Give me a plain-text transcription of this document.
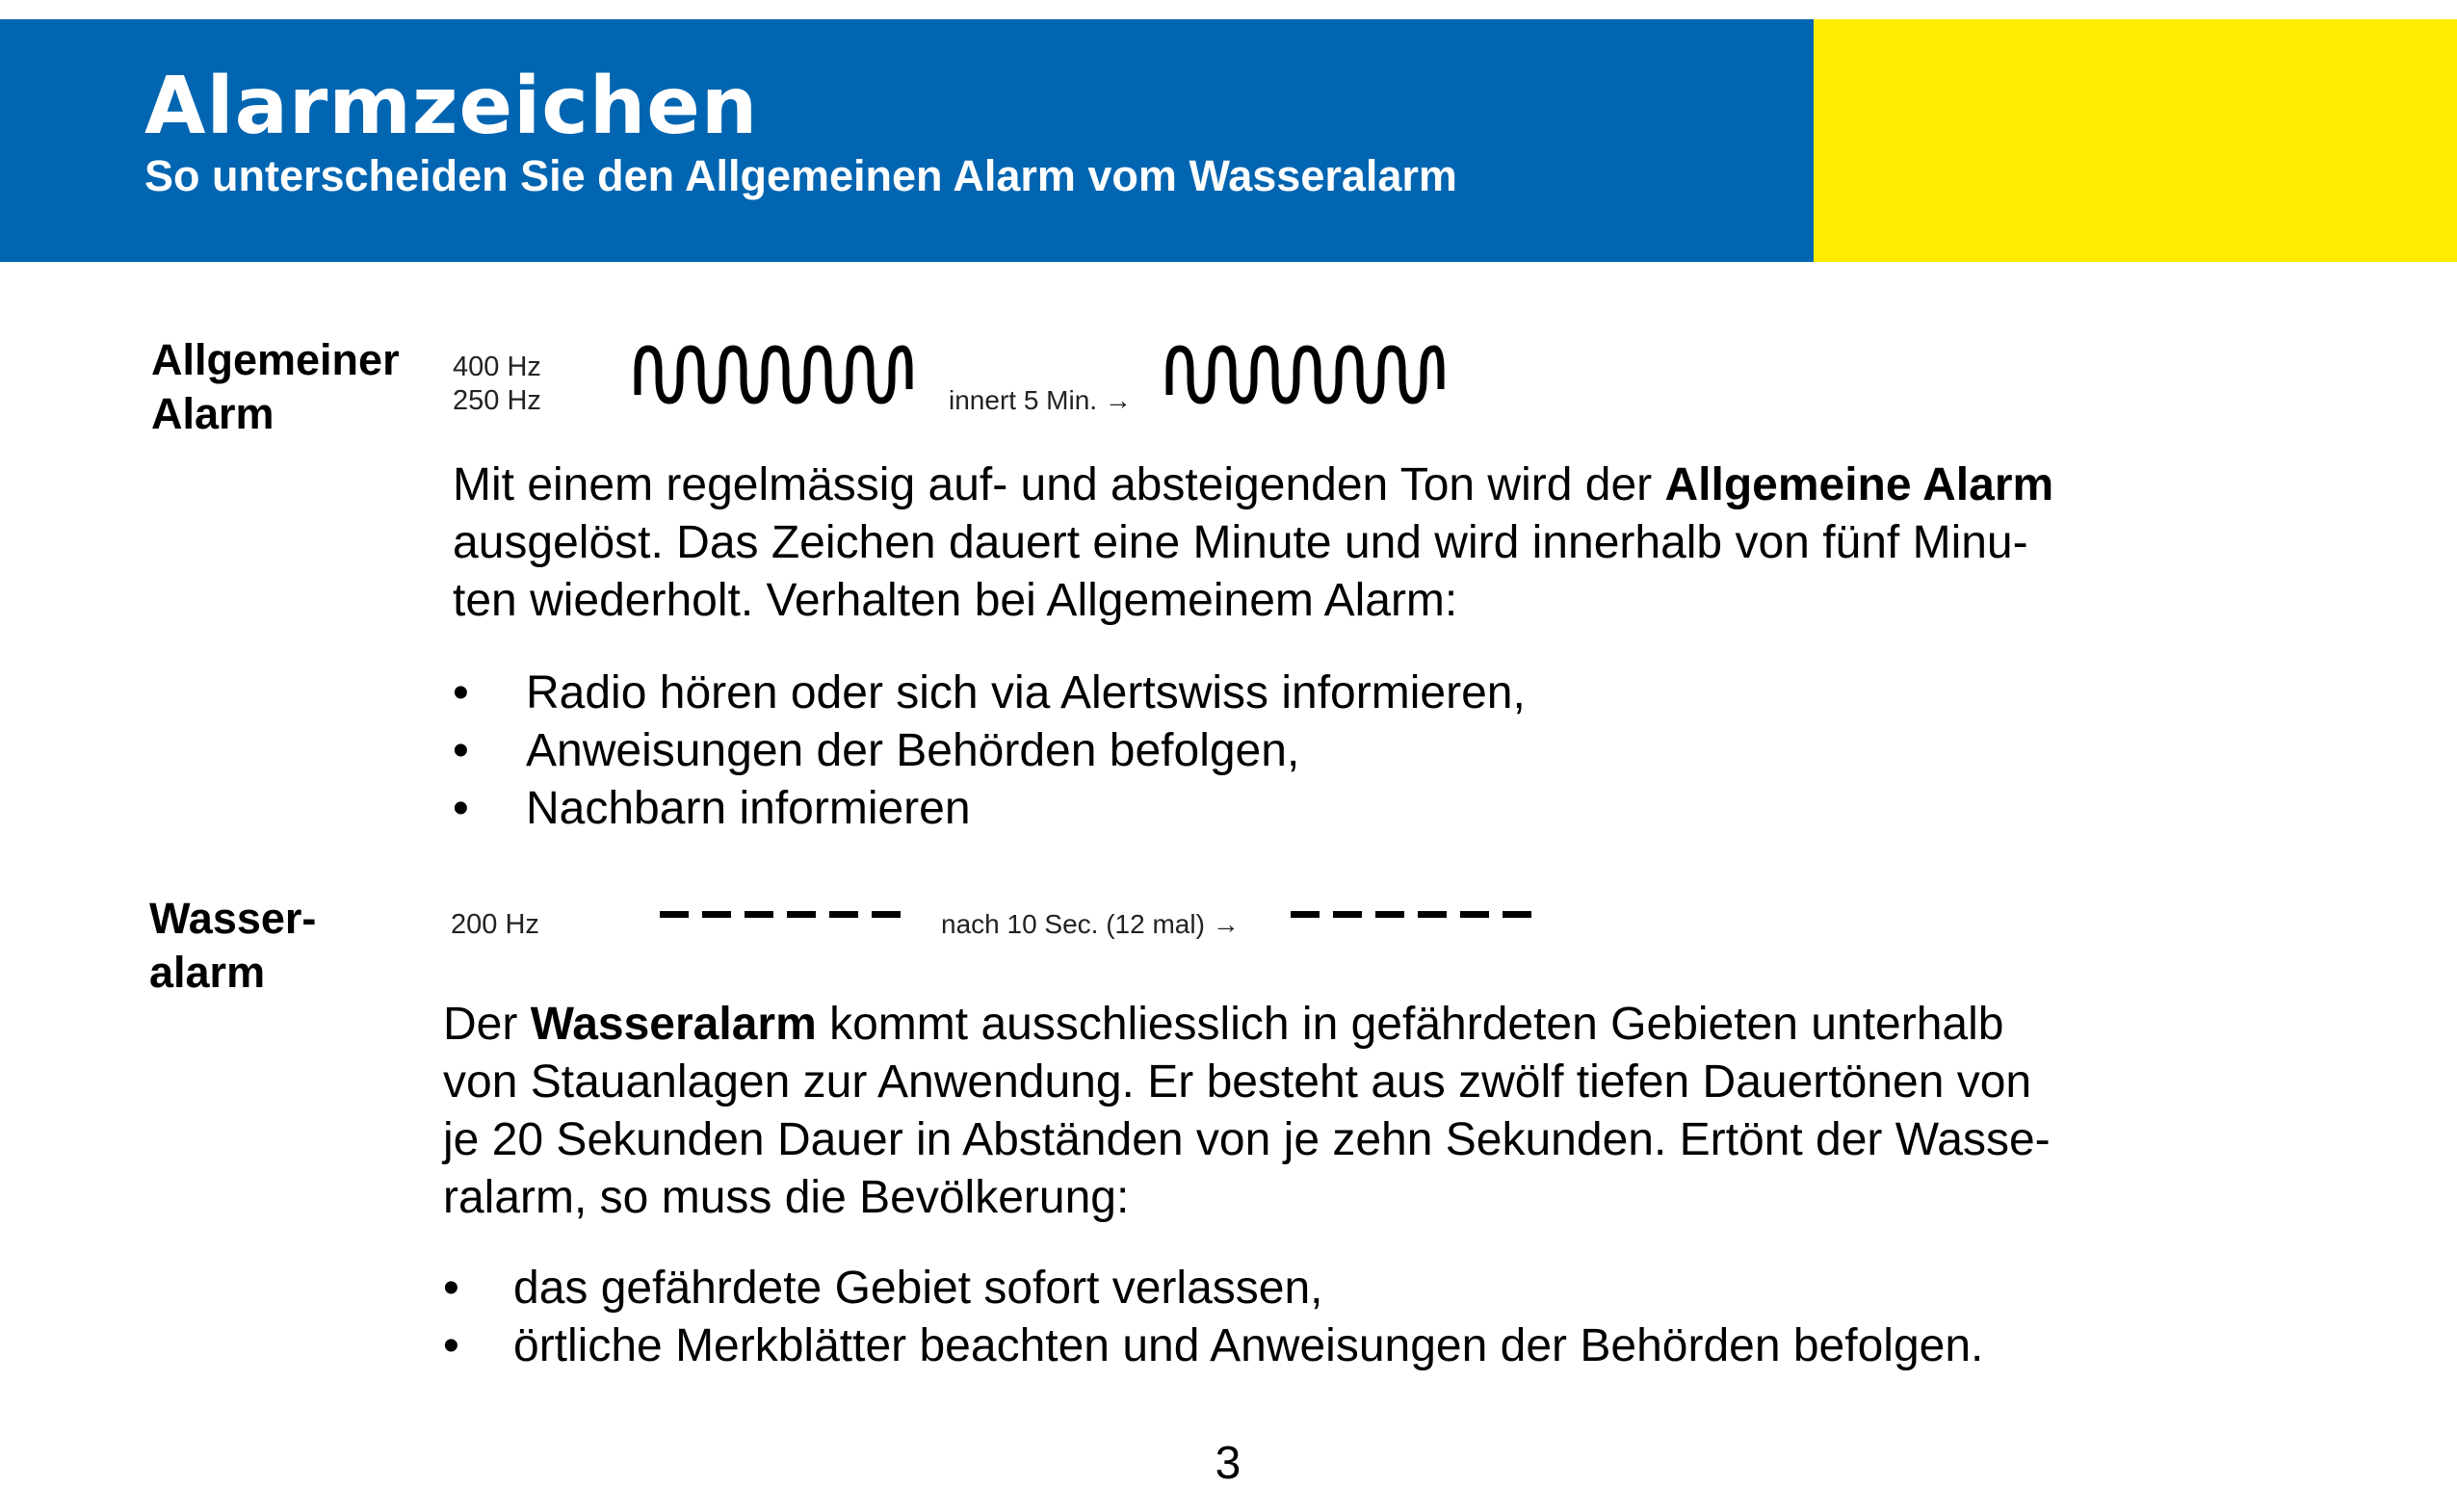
Alarmzeichen
So unterscheiden Sie den Allgemeinen Alarm vom Wasseralarm
Allgemeiner
Alarm
400 Hz
250 Hz	innert 5 Min. →
Mit einem regelmässig auf- und absteigenden Ton wird der Allgemeine Alarm
ausgelöst. Das Zeichen dauert eine Minute und wird innerhalb von fünf Minu-
ten wiederholt. Verhalten bei Allgemeinem Alarm:
• Radio hören oder sich via Alertswiss informieren,
• Anweisungen der Behörden befolgen,
• Nachbarn informieren
Wasser-
alarm
200 Hz	nach 10 Sec. (12 mal) →
Der Wasseralarm kommt ausschliesslich in gefährdeten Gebieten unterhalb
von Stauanlagen zur Anwendung. Er besteht aus zwölf tiefen Dauertönen von
je 20 Sekunden Dauer in Abständen von je zehn Sekunden. Ertönt der Wasse-
ralarm, so muss die Bevölkerung:
• das gefährdete Gebiet sofort verlassen,
• örtliche Merkblätter beachten und Anweisungen der Behörden befolgen.
3
